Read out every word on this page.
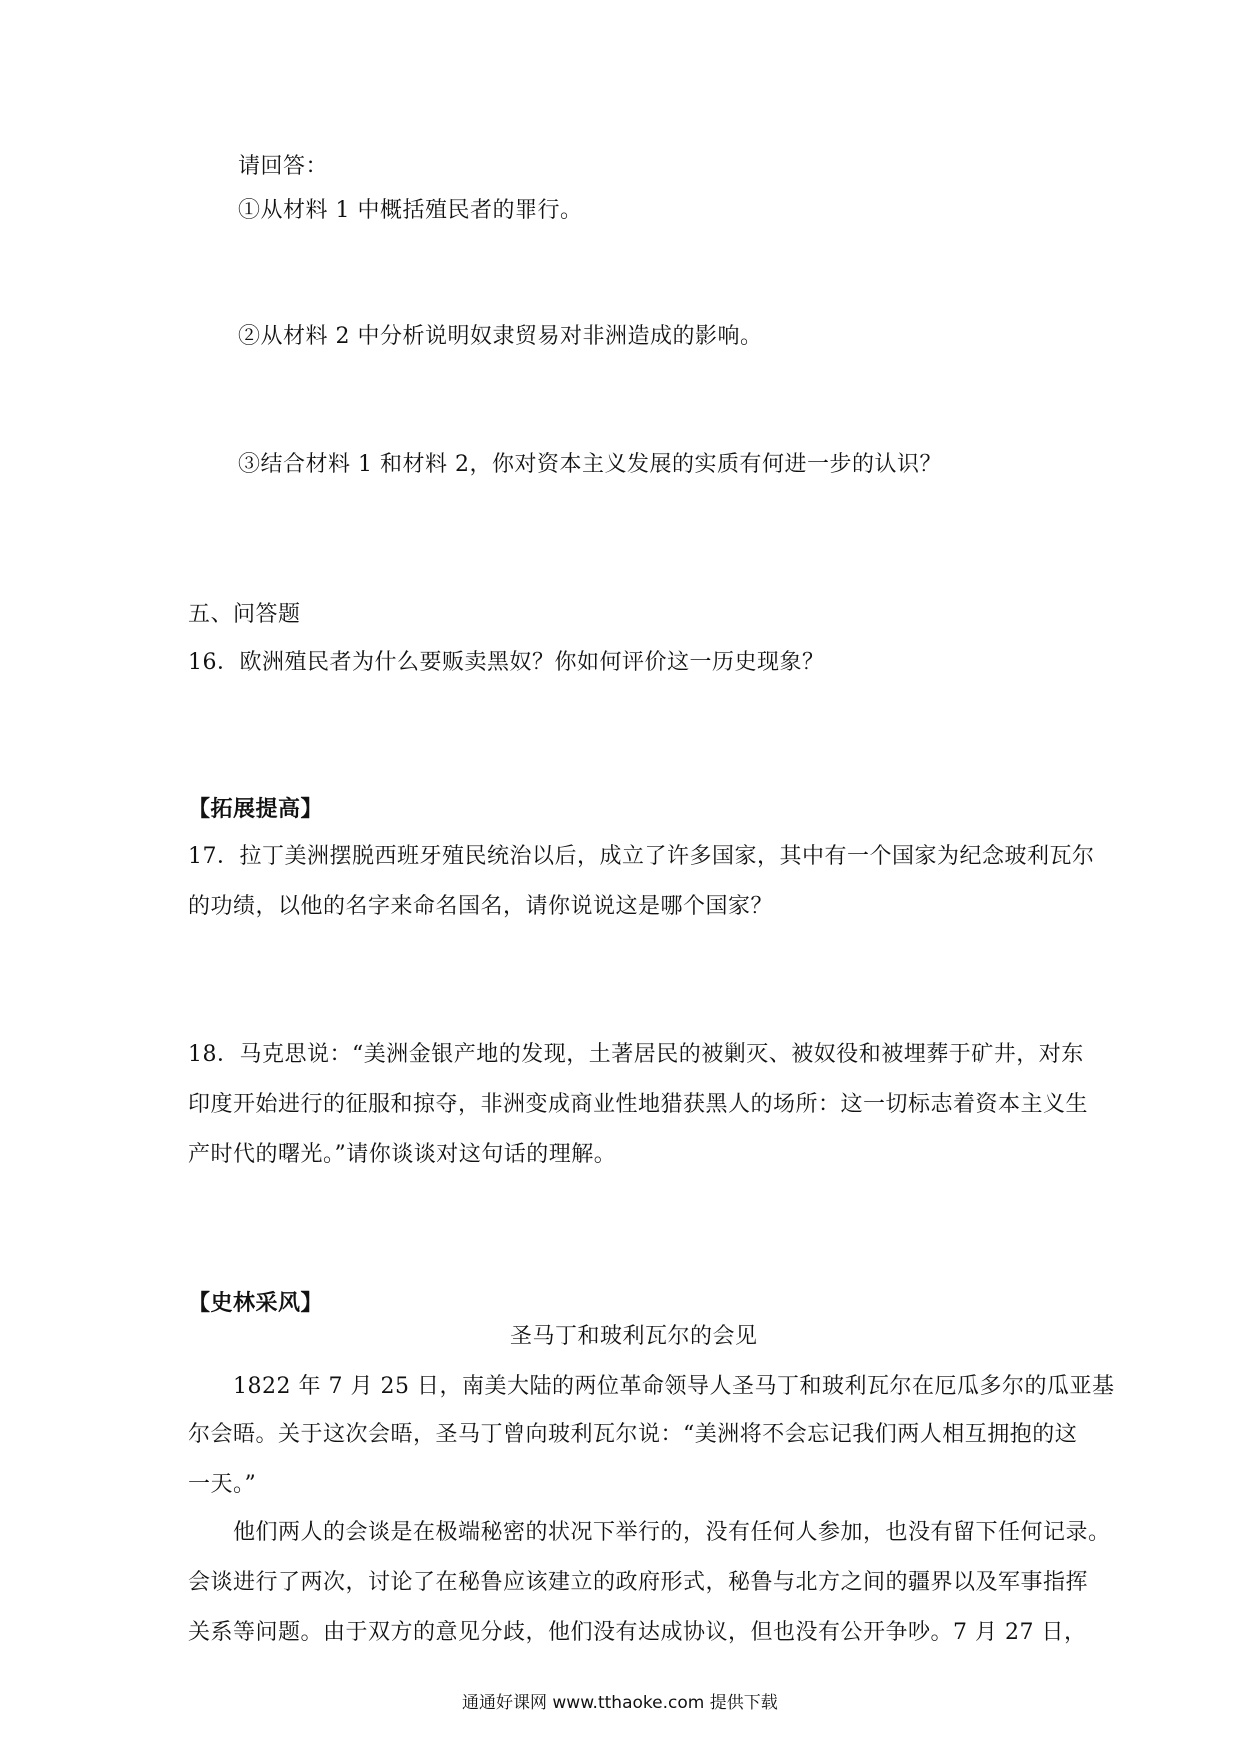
请回答：
①从材料 1 中概括殖民者的罪行。
②从材料 2 中分析说明奴隶贸易对非洲造成的影响。
③结合材料 1 和材料 2，你对资本主义发展的实质有何进一步的认识？
五、问答题
16．欧洲殖民者为什么要贩卖黑奴？你如何评价这一历史现象？
【拓展提高】
17．拉丁美洲摆脱西班牙殖民统治以后，成立了许多国家，其中有一个国家为纪念玻利瓦尔
的功绩，以他的名字来命名国名，请你说说这是哪个国家？
18．马克思说：“美洲金银产地的发现，土著居民的被剿灭、被奴役和被埋葬于矿井，对东
印度开始进行的征服和掠夺，非洲变成商业性地猎获黑人的场所：这一切标志着资本主义生
产时代的曙光。”请你谈谈对这句话的理解。
【史林采风】
圣马丁和玻利瓦尔的会见
1822 年 7 月 25 日，南美大陆的两位革命领导人圣马丁和玻利瓦尔在厄瓜多尔的瓜亚基
尔会晤。关于这次会晤，圣马丁曾向玻利瓦尔说：“美洲将不会忘记我们两人相互拥抱的这
一天。”
他们两人的会谈是在极端秘密的状况下举行的，没有任何人参加，也没有留下任何记录。
会谈进行了两次，讨论了在秘鲁应该建立的政府形式，秘鲁与北方之间的疆界以及军事指挥
关系等问题。由于双方的意见分歧，他们没有达成协议，但也没有公开争吵。7 月 27 日，
通通好课网 www.tthaoke.com 提供下载
